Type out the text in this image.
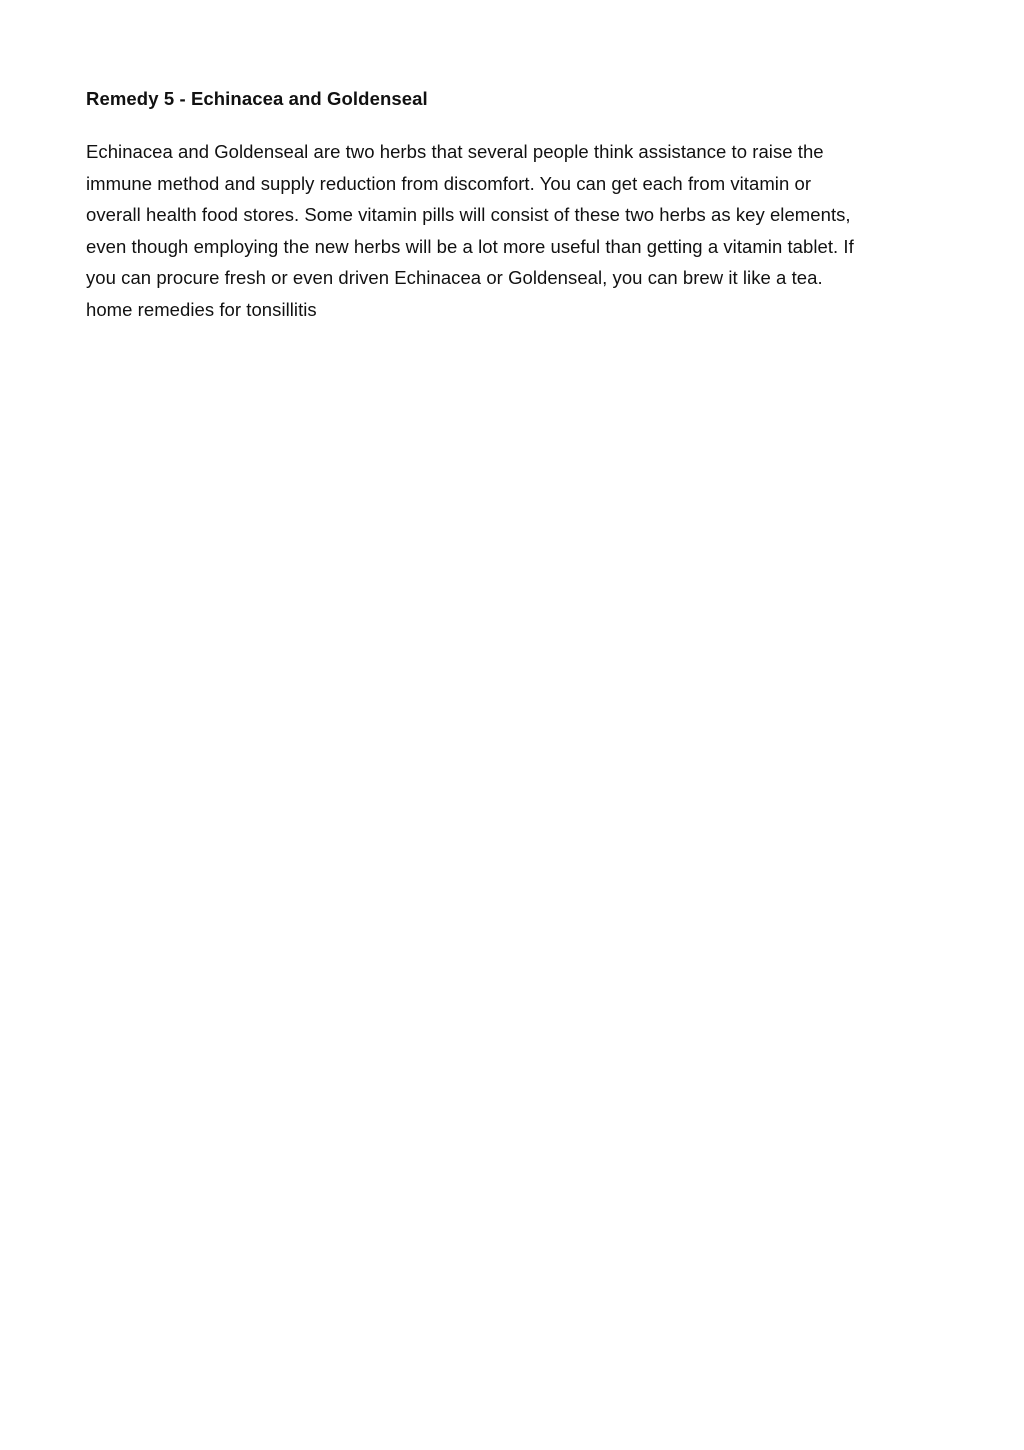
Remedy 5 - Echinacea and Goldenseal

Echinacea and Goldenseal are two herbs that several people think assistance to raise the
immune method and supply reduction from discomfort. You can get each from vitamin or
overall health food stores. Some vitamin pills will consist of these two herbs as key elements,
even though employing the new herbs will be a lot more useful than getting a vitamin tablet. If
you can procure fresh or even driven Echinacea or Goldenseal, you can brew it like a tea.
home remedies for tonsillitis
